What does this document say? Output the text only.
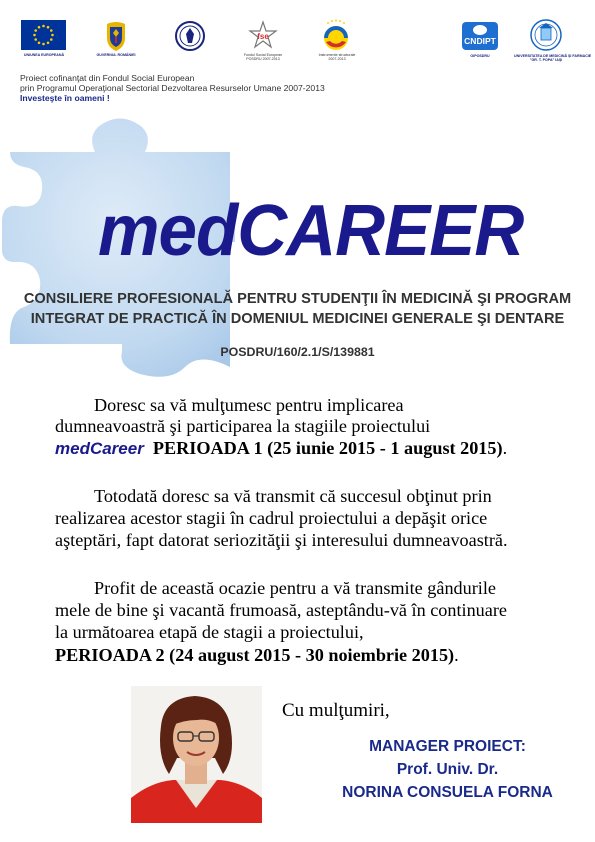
UNIUNEA EUROPEANĂ	GUVERNUL ROMÂNIEI
fse
Fondul Social European
POSDRU 2007-2013
Instrumente structurale
2007-2013
CNDIPT
OIPOSDRU	UNIVERSITATEA DE MEDICINĂ ŞI FARMACIE
"GR. T. POPA" IAŞI
Proiect cofinanţat din Fondul Social European
prin Programul Operaţional Sectorial Dezvoltarea Resurselor Umane 2007-2013
Investeşte în oameni !
medCAREER
CONSILIERE PROFESIONALĂ PENTRU STUDENŢII ÎN MEDICINĂ ŞI PROGRAM
INTEGRAT DE PRACTICĂ ÎN DOMENIUL MEDICINEI GENERALE ŞI DENTARE
POSDRU/160/2.1/S/139881
Doresc sa vă mulţumesc pentru implicarea
dumneavoastră şi participarea la stagiile proiectului
medCareer PERIOADA 1 (25 iunie 2015 - 1 august 2015).
Totodată doresc sa vă transmit că succesul obţinut prin
realizarea acestor stagii în cadrul proiectului a depăşit orice
aşteptări, fapt datorat seriozităţii şi interesului dumneavoastră.
Profit de această ocazie pentru a vă transmite gândurile
mele de bine şi vacantă frumoasă, asteptându-vă în continuare
la următoarea etapă de stagii a proiectului,
PERIOADA 2 (24 august 2015 - 30 noiembrie 2015).
Cu mulţumiri,
MANAGER PROIECT:
Prof. Univ. Dr.
NORINA CONSUELA FORNA
